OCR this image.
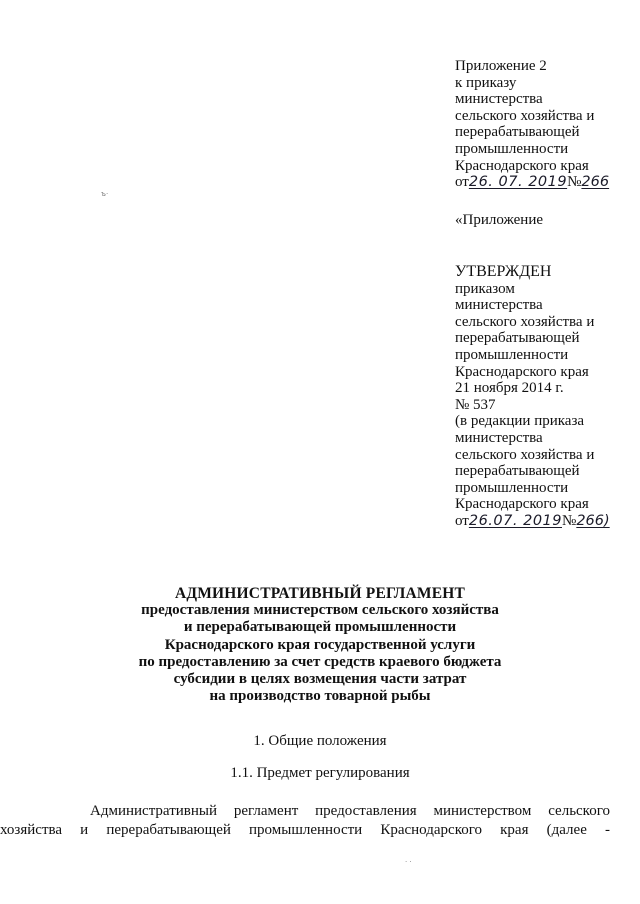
ъ·
Приложение 2
к приказу
министерства
сельского хозяйства и
перерабатывающей
промышленности
Краснодарского края
от26. 07. 2019№266
«Приложение
УТВЕРЖДЕН
приказом
министерства
сельского хозяйства и
перерабатывающей
промышленности
Краснодарского края
21 ноября 2014 г.
№ 537
(в редакции приказа
министерства
сельского хозяйства и
перерабатывающей
промышленности
Краснодарского края
от26.07. 2019№266)
АДМИНИСТРАТИВНЫЙ РЕГЛАМЕНТ
предоставления министерством сельского хозяйства
и перерабатывающей промышленности
Краснодарского края государственной услуги
по предоставлению за счет средств краевого бюджета
субсидии в целях возмещения части затрат
на производство товарной рыбы
1. Общие положения
1.1. Предмет регулирования
Административный регламент предоставления министерством сельского
хозяйства и перерабатывающей промышленности Краснодарского края (далее -
· ·
